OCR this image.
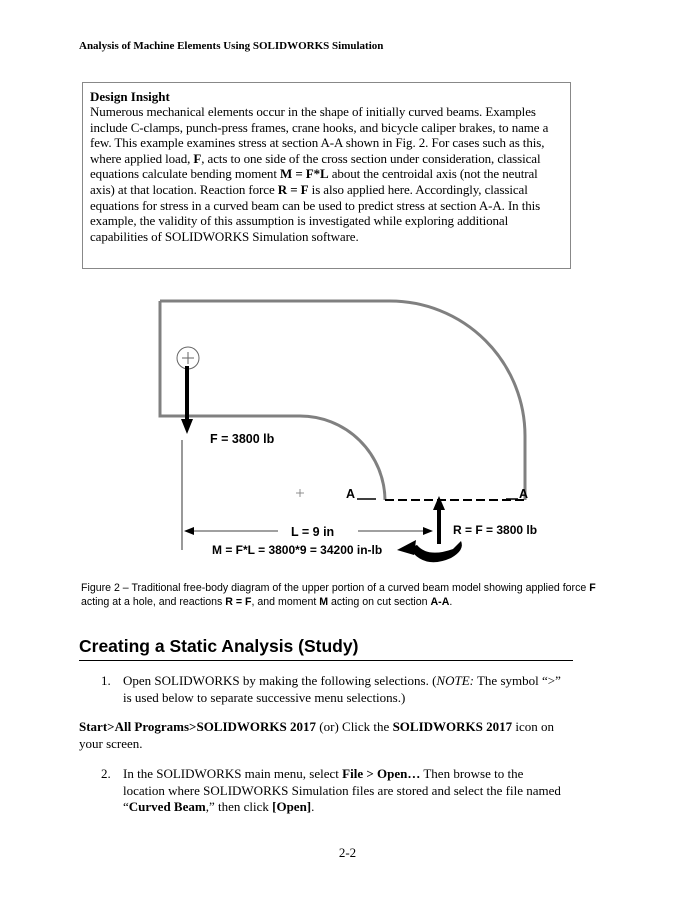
Analysis of Machine Elements Using SOLIDWORKS Simulation
Design Insight
Numerous mechanical elements occur in the shape of initially curved beams. Examples include C-clamps, punch-press frames, crane hooks, and bicycle caliper brakes, to name a few. This example examines stress at section A-A shown in Fig. 2. For cases such as this, where applied load, F, acts to one side of the cross section under consideration, classical equations calculate bending moment M = F*L about the centroidal axis (not the neutral axis) at that location. Reaction force R = F is also applied here. Accordingly, classical equations for stress in a curved beam can be used to predict stress at section A-A. In this example, the validity of this assumption is investigated while exploring additional capabilities of SOLIDWORKS Simulation software.
F = 3800 lb
A	A
L = 9 in	R = F = 3800 lb
M = F*L = 3800*9 = 34200 in-lb
Figure 2 – Traditional free-body diagram of the upper portion of a curved beam model showing applied force F acting at a hole, and reactions R = F, and moment M acting on cut section A-A.
Creating a Static Analysis (Study)
1. Open SOLIDWORKS by making the following selections. (NOTE: The symbol “>” is used below to separate successive menu selections.)
Start>All Programs>SOLIDWORKS 2017 (or) Click the SOLIDWORKS 2017 icon on your screen.
2. In the SOLIDWORKS main menu, select File > Open… Then browse to the location where SOLIDWORKS Simulation files are stored and select the file named “Curved Beam,” then click [Open].
2-2
